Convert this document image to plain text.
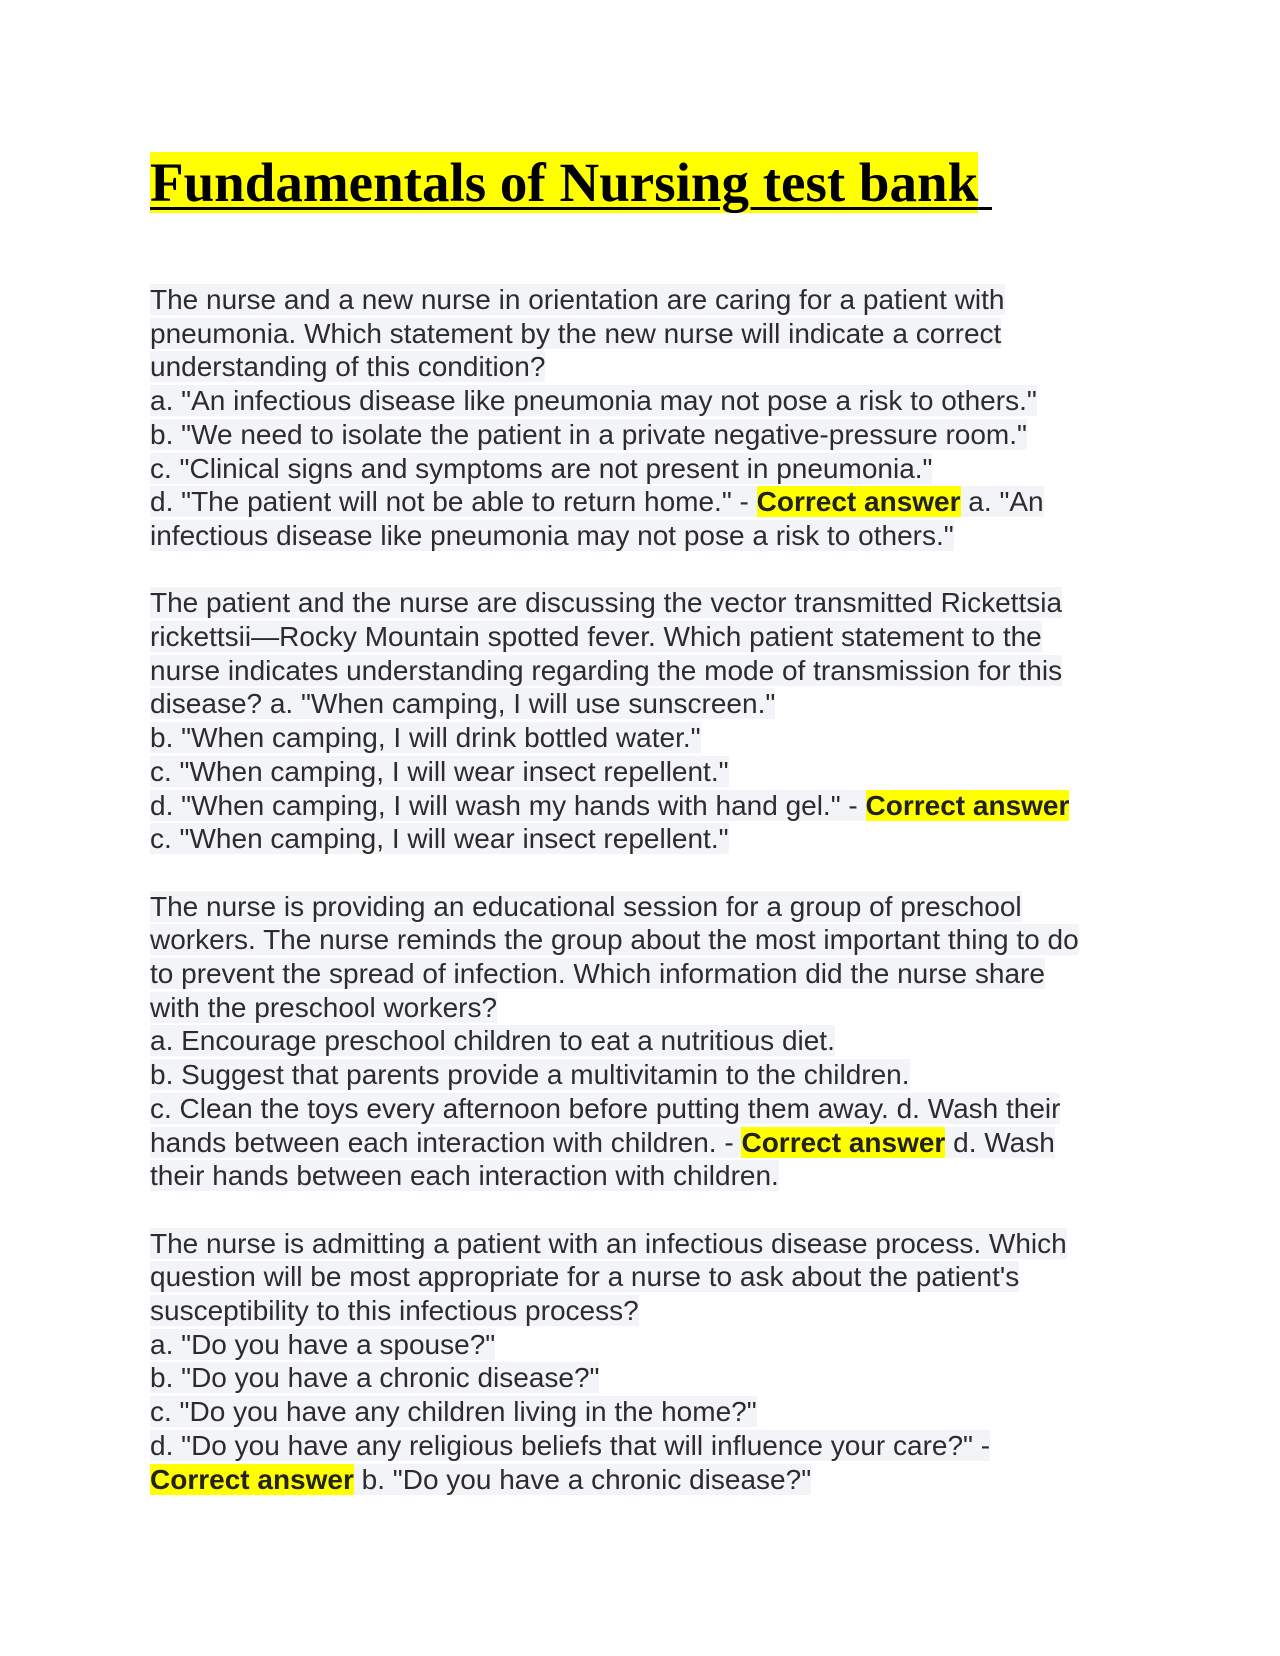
Fundamentals of Nursing test bank
The nurse and a new nurse in orientation are caring for a patient with
pneumonia. Which statement by the new nurse will indicate a correct
understanding of this condition?
a. "An infectious disease like pneumonia may not pose a risk to others."
b. "We need to isolate the patient in a private negative-pressure room."
c. "Clinical signs and symptoms are not present in pneumonia."
d. "The patient will not be able to return home." - Correct answer a. "An
infectious disease like pneumonia may not pose a risk to others."
The patient and the nurse are discussing the vector transmitted Rickettsia
rickettsii—Rocky Mountain spotted fever. Which patient statement to the
nurse indicates understanding regarding the mode of transmission for this
disease? a. "When camping, I will use sunscreen."
b. "When camping, I will drink bottled water."
c. "When camping, I will wear insect repellent."
d. "When camping, I will wash my hands with hand gel." - Correct answer
c. "When camping, I will wear insect repellent."
The nurse is providing an educational session for a group of preschool
workers. The nurse reminds the group about the most important thing to do
to prevent the spread of infection. Which information did the nurse share
with the preschool workers?
a. Encourage preschool children to eat a nutritious diet.
b. Suggest that parents provide a multivitamin to the children.
c. Clean the toys every afternoon before putting them away. d. Wash their
hands between each interaction with children. - Correct answer d. Wash
their hands between each interaction with children.
The nurse is admitting a patient with an infectious disease process. Which
question will be most appropriate for a nurse to ask about the patient's
susceptibility to this infectious process?
a. "Do you have a spouse?"
b. "Do you have a chronic disease?"
c. "Do you have any children living in the home?"
d. "Do you have any religious beliefs that will influence your care?" -
Correct answer b. "Do you have a chronic disease?"
